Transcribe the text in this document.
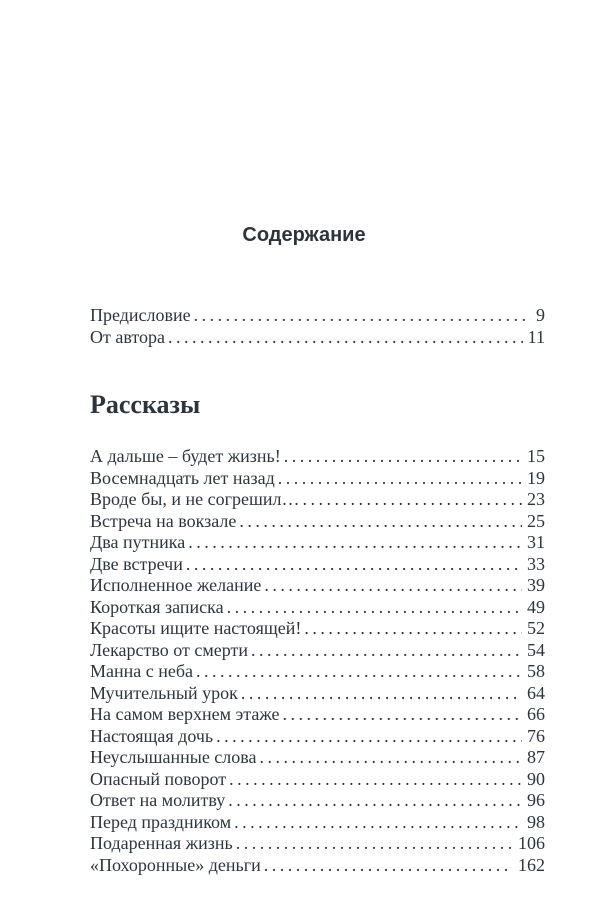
Содержание
Предисловие .....	9
От автора .....	11
Рассказы
А дальше – будет жизнь! .....	15
Восемнадцать лет назад .....	19
Вроде бы, и не согрешил… .....	23
Встреча на вокзале .....	25
Два путника .....	31
Две встречи .....	33
Исполненное желание .....	39
Короткая записка .....	49
Красоты ищите настоящей! .....	52
Лекарство от смерти .....	54
Манна с неба .....	58
Мучительный урок .....	64
На самом верхнем этаже .....	66
Настоящая дочь .....	76
Неуслышанные слова .....	87
Опасный поворот .....	90
Ответ на молитву .....	96
Перед праздником .....	98
Подаренная жизнь .....	106
«Похоронные» деньги .....	162
